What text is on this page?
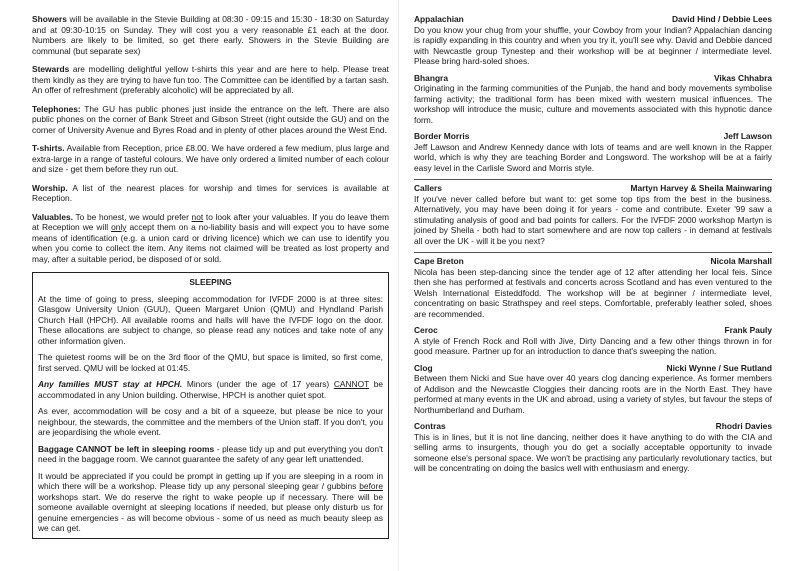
Showers will be available in the Stevie Building at 08:30 - 09:15 and 15:30 - 18:30 on Saturday and at 09:30-10:15 on Sunday. They will cost you a very reasonable £1 each at the door. Numbers are likely to be limited, so get there early. Showers in the Stevie Building are communal (but separate sex)

Stewards are modelling delightful yellow t-shirts this year and are here to help. Please treat them kindly as they are trying to have fun too. The Committee can be identified by a tartan sash. An offer of refreshment (preferably alcoholic) will be appreciated by all.

Telephones: The GU has public phones just inside the entrance on the left. There are also public phones on the corner of Bank Street and Gibson Street (right outside the GU) and on the corner of University Avenue and Byres Road and in plenty of other places around the West End.

T-shirts. Available from Reception, price £8.00. We have ordered a few medium, plus large and extra-large in a range of tasteful colours. We have only ordered a limited number of each colour and size - get them before they run out.

Worship. A list of the nearest places for worship and times for services is available at Reception.

Valuables. To be honest, we would prefer not to look after your valuables. If you do leave them at Reception we will only accept them on a no-liability basis and will expect you to have some means of identification (e.g. a union card or driving licence) which we can use to identify you when you come to collect the item. Any items not claimed will be treated as lost property and may, after a suitable period, be disposed of or sold.

SLEEPING

At the time of going to press, sleeping accommodation for IVFDF 2000 is at three sites: Glasgow University Union (GUU), Queen Margaret Union (QMU) and Hyndland Parish Church Hall (HPCH). All available rooms and halls will have the IVFDF logo on the door. These allocations are subject to change, so please read any notices and take note of any other information given.

The quietest rooms will be on the 3rd floor of the QMU, but space is limited, so first come, first served. QMU will be locked at 01:45.

Any families MUST stay at HPCH. Minors (under the age of 17 years) CANNOT be accommodated in any Union building. Otherwise, HPCH is another quiet spot.

As ever, accommodation will be cosy and a bit of a squeeze, but please be nice to your neighbour, the stewards, the committee and the members of the Union staff. If you don't, you are jeopardising the whole event.

Baggage CANNOT be left in sleeping rooms - please tidy up and put everything you don't need in the baggage room. We cannot guarantee the safety of any gear left unattended.

It would be appreciated if you could be prompt in getting up if you are sleeping in a room in which there will be a workshop. Please tidy up any personal sleeping gear / gubbins before workshops start. We do reserve the right to wake people up if necessary. There will be someone available overnight at sleeping locations if needed, but please only disturb us for genuine emergencies - as will become obvious - some of us need as much beauty sleep as we can get.

Appalachian	David Hind / Debbie Lees
Do you know your chug from your shuffle, your Cowboy from your Indian? Appalachian dancing is rapidly expanding in this country and when you try it, you'll see why. David and Debbie danced with Newcastle group Tynestep and their workshop will be at beginner / intermediate level. Please bring hard-soled shoes.
Bhangra	Vikas Chhabra
Originating in the farming communities of the Punjab, the hand and body movements symbolise farming activity; the traditional form has been mixed with western musical influences. The workshop will introduce the music, culture and movements associated with this hypnotic dance form.
Border Morris	Jeff Lawson
Jeff Lawson and Andrew Kennedy dance with lots of teams and are well known in the Rapper world, which is why they are teaching Border and Longsword. The workshop will be at a fairly easy level in the Carlisle Sword and Morris style.
Callers	Martyn Harvey & Sheila Mainwaring
If you've never called before but want to: get some top tips from the best in the business. Alternatively, you may have been doing it for years - come and contribute. Exeter '99 saw a stimulating analysis of good and bad points for callers. For the IVFDF 2000 workshop Martyn is joined by Sheila - both had to start somewhere and are now top callers - in demand at festivals all over the UK - will it be you next?
Cape Breton	Nicola Marshall
Nicola has been step-dancing since the tender age of 12 after attending her local feis. Since then she has performed at festivals and concerts across Scotland and has even ventured to the Welsh International Eisteddfodd. The workshop will be at beginner / intermediate level, concentrating on basic Strathspey and reel steps. Comfortable, preferably leather soled, shoes are recommended.
Ceroc	Frank Pauly
A style of French Rock and Roll with Jive, Dirty Dancing and a few other things thrown in for good measure. Partner up for an introduction to dance that's sweeping the nation.
Clog	Nicki Wynne / Sue Rutland
Between them Nicki and Sue have over 40 years clog dancing experience. As former members of Addison and the Newcastle Cloggies their dancing roots are in the North East. They have performed at many events in the UK and abroad, using a variety of styles, but favour the steps of Northumberland and Durham.
Contras	Rhodri Davies
This is in lines, but it is not line dancing, neither does it have anything to do with the CIA and selling arms to insurgents, though you do get a socially acceptable opportunity to invade someone else's personal space. We won't be practising any particularly revolutionary tactics, but will be concentrating on doing the basics well with enthusiasm and energy.
